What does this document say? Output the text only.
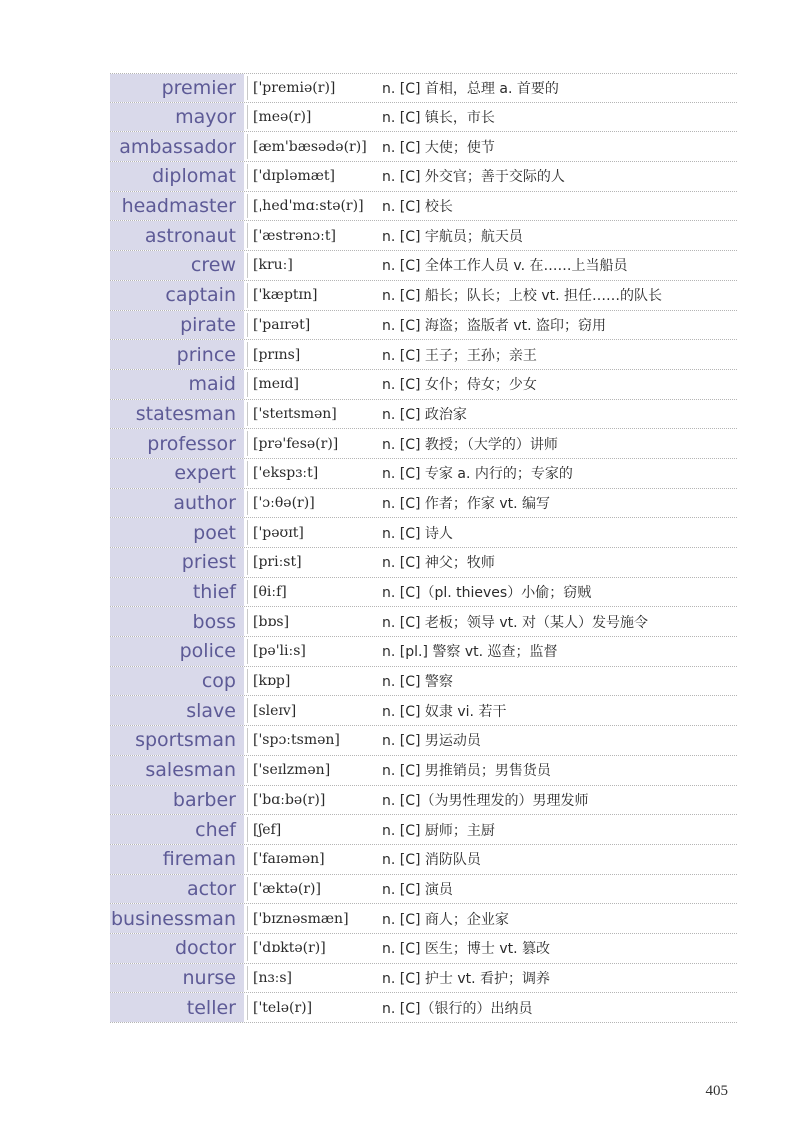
premier	['premiə(r)]	n. [C] 首相，总理 a. 首要的
mayor	[meə(r)]	n. [C] 镇长，市长
ambassador	[æm'bæsədə(r)]	n. [C] 大使；使节
diplomat	['dɪpləmæt]	n. [C] 外交官；善于交际的人
headmaster	[ˌhed'mɑːstə(r)]	n. [C] 校长
astronaut	['æstrənɔːt]	n. [C] 宇航员；航天员
crew	[kruː]	n. [C] 全体工作人员 v. 在……上当船员
captain	['kæptɪn]	n. [C] 船长；队长；上校 vt. 担任……的队长
pirate	['paɪrət]	n. [C] 海盗；盗版者 vt. 盗印；窃用
prince	[prɪns]	n. [C] 王子；王孙；亲王
maid	[meɪd]	n. [C] 女仆；侍女；少女
statesman	['steɪtsmən]	n. [C] 政治家
professor	[prə'fesə(r)]	n. [C] 教授；（大学的）讲师
expert	['ekspɜːt]	n. [C] 专家 a. 内行的；专家的
author	['ɔːθə(r)]	n. [C] 作者；作家 vt. 编写
poet	['pəʊɪt]	n. [C] 诗人
priest	[priːst]	n. [C] 神父；牧师
thief	[θiːf]	n. [C]（pl. thieves）小偷；窃贼
boss	[bɒs]	n. [C] 老板；领导 vt. 对（某人）发号施令
police	[pə'liːs]	n. [pl.] 警察 vt. 巡查；监督
cop	[kɒp]	n. [C] 警察
slave	[sleɪv]	n. [C] 奴隶 vi. 若干
sportsman	['spɔːtsmən]	n. [C] 男运动员
salesman	['seɪlzmən]	n. [C] 男推销员；男售货员
barber	['bɑːbə(r)]	n. [C]（为男性理发的）男理发师
chef	[ʃef]	n. [C] 厨师；主厨
fireman	['faɪəmən]	n. [C] 消防队员
actor	['æktə(r)]	n. [C] 演员
businessman	['bɪznəsmæn]	n. [C] 商人；企业家
doctor	['dɒktə(r)]	n. [C] 医生；博士 vt. 篡改
nurse	[nɜːs]	n. [C] 护士 vt. 看护；调养
teller	['telə(r)]	n. [C]（银行的）出纳员
405
